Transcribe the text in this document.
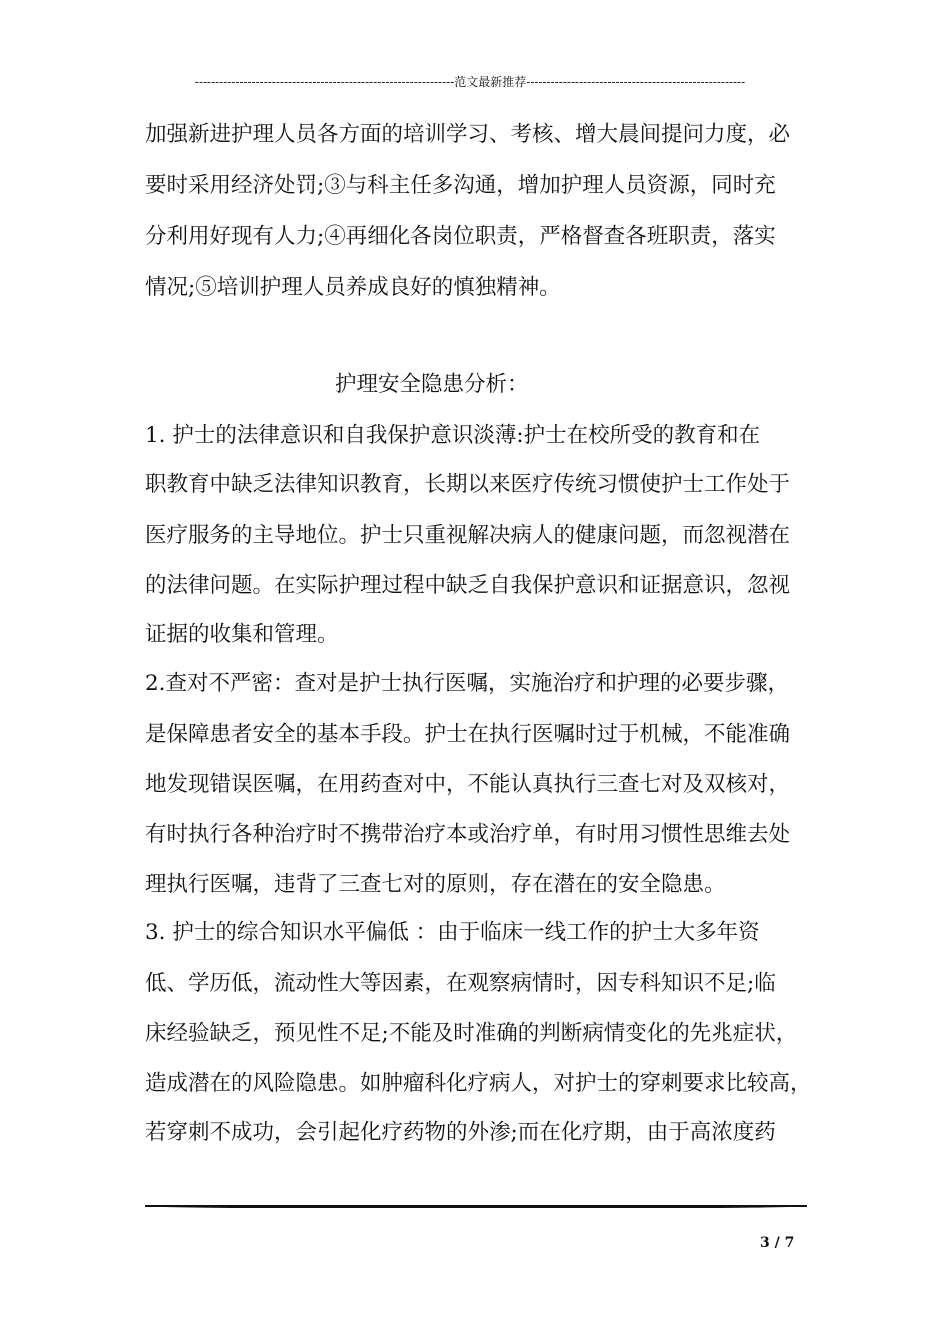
----------------------------------------------------------------范文最新推荐------------------------------------------------------
加强新进护理人员各方面的培训学习、考核、增大晨间提问力度，必
要时采用经济处罚;③与科主任多沟通，增加护理人员资源，同时充
分利用好现有人力;④再细化各岗位职责，严格督查各班职责，落实
情况;⑤培训护理人员养成良好的慎独精神。
护理安全隐患分析：
1. 护士的法律意识和自我保护意识淡薄:护士在校所受的教育和在
职教育中缺乏法律知识教育，长期以来医疗传统习惯使护士工作处于
医疗服务的主导地位。护士只重视解决病人的健康问题，而忽视潜在
的法律问题。在实际护理过程中缺乏自我保护意识和证据意识，忽视
证据的收集和管理。
2.查对不严密：查对是护士执行医嘱，实施治疗和护理的必要步骤，
是保障患者安全的基本手段。护士在执行医嘱时过于机械，不能准确
地发现错误医嘱，在用药查对中，不能认真执行三查七对及双核对，
有时执行各种治疗时不携带治疗本或治疗单，有时用习惯性思维去处
理执行医嘱，违背了三查七对的原则，存在潜在的安全隐患。
3. 护士的综合知识水平偏低 ：由于临床一线工作的护士大多年资
低、学历低，流动性大等因素，在观察病情时，因专科知识不足;临
床经验缺乏，预见性不足;不能及时准确的判断病情变化的先兆症状，
造成潜在的风险隐患。如肿瘤科化疗病人，对护士的穿刺要求比较高，
若穿刺不成功，会引起化疗药物的外渗;而在化疗期，由于高浓度药
3 / 7
